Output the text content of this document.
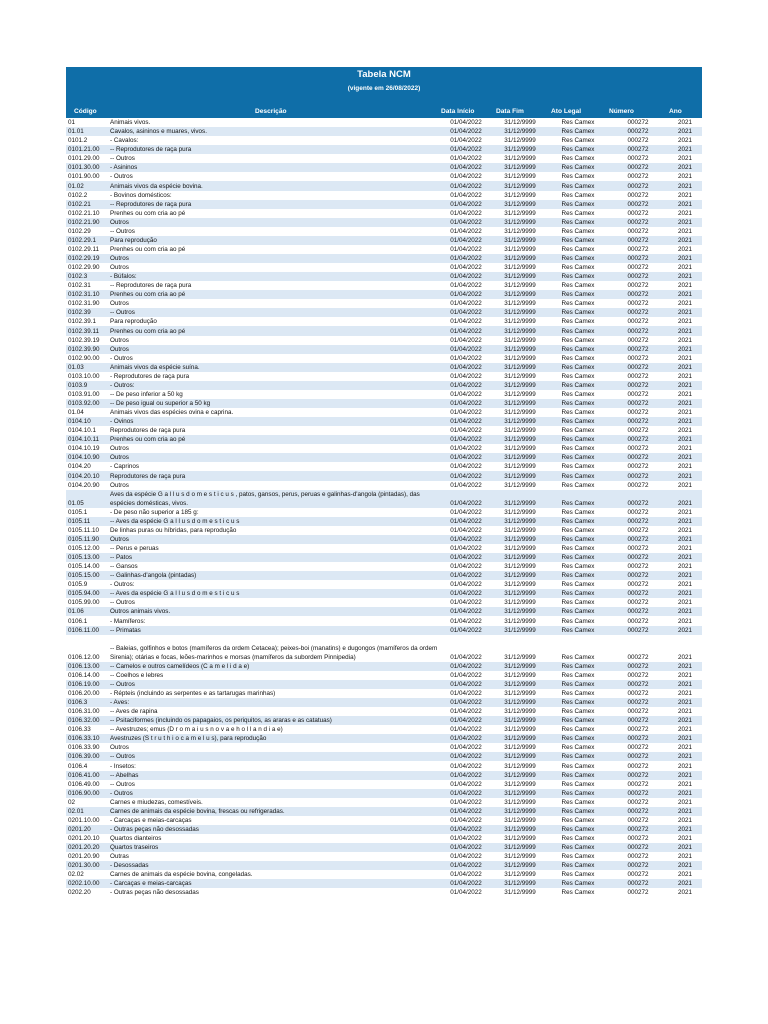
Tabela NCM
(vigente em 26/08/2022)
Código	Descrição	Data Início	Data Fim	Ato Legal	Número	Ano
01	Animais vivos.	01/04/2022	31/12/9999	Res Camex	000272	2021
01.01	Cavalos, asininos e muares, vivos.	01/04/2022	31/12/9999	Res Camex	000272	2021
0101.2	- Cavalos:	01/04/2022	31/12/9999	Res Camex	000272	2021
0101.21.00	-- Reprodutores de raça pura	01/04/2022	31/12/9999	Res Camex	000272	2021
0101.29.00	-- Outros	01/04/2022	31/12/9999	Res Camex	000272	2021
0101.30.00	- Asininos	01/04/2022	31/12/9999	Res Camex	000272	2021
0101.90.00	- Outros	01/04/2022	31/12/9999	Res Camex	000272	2021
01.02	Animais vivos da espécie bovina.	01/04/2022	31/12/9999	Res Camex	000272	2021
0102.2	- Bovinos domésticos:	01/04/2022	31/12/9999	Res Camex	000272	2021
0102.21	-- Reprodutores de raça pura	01/04/2022	31/12/9999	Res Camex	000272	2021
0102.21.10	Prenhes ou com cria ao pé	01/04/2022	31/12/9999	Res Camex	000272	2021
0102.21.90	Outros	01/04/2022	31/12/9999	Res Camex	000272	2021
0102.29	-- Outros	01/04/2022	31/12/9999	Res Camex	000272	2021
0102.29.1	Para reprodução	01/04/2022	31/12/9999	Res Camex	000272	2021
0102.29.11	Prenhes ou com cria ao pé	01/04/2022	31/12/9999	Res Camex	000272	2021
0102.29.19	Outros	01/04/2022	31/12/9999	Res Camex	000272	2021
0102.29.90	Outros	01/04/2022	31/12/9999	Res Camex	000272	2021
0102.3	- Búfalos:	01/04/2022	31/12/9999	Res Camex	000272	2021
0102.31	-- Reprodutores de raça pura	01/04/2022	31/12/9999	Res Camex	000272	2021
0102.31.10	Prenhes ou com cria ao pé	01/04/2022	31/12/9999	Res Camex	000272	2021
0102.31.90	Outros	01/04/2022	31/12/9999	Res Camex	000272	2021
0102.39	-- Outros	01/04/2022	31/12/9999	Res Camex	000272	2021
0102.39.1	Para reprodução	01/04/2022	31/12/9999	Res Camex	000272	2021
0102.39.11	Prenhes ou com cria ao pé	01/04/2022	31/12/9999	Res Camex	000272	2021
0102.39.19	Outros	01/04/2022	31/12/9999	Res Camex	000272	2021
0102.39.90	Outros	01/04/2022	31/12/9999	Res Camex	000272	2021
0102.90.00	- Outros	01/04/2022	31/12/9999	Res Camex	000272	2021
01.03	Animais vivos da espécie suína.	01/04/2022	31/12/9999	Res Camex	000272	2021
0103.10.00	- Reprodutores de raça pura	01/04/2022	31/12/9999	Res Camex	000272	2021
0103.9	- Outros:	01/04/2022	31/12/9999	Res Camex	000272	2021
0103.91.00	-- De peso inferior a 50 kg	01/04/2022	31/12/9999	Res Camex	000272	2021
0103.92.00	-- De peso igual ou superior a 50 kg	01/04/2022	31/12/9999	Res Camex	000272	2021
01.04	Animais vivos das espécies ovina e caprina.	01/04/2022	31/12/9999	Res Camex	000272	2021
0104.10	- Ovinos	01/04/2022	31/12/9999	Res Camex	000272	2021
0104.10.1	Reprodutores de raça pura	01/04/2022	31/12/9999	Res Camex	000272	2021
0104.10.11	Prenhes ou com cria ao pé	01/04/2022	31/12/9999	Res Camex	000272	2021
0104.10.19	Outros	01/04/2022	31/12/9999	Res Camex	000272	2021
0104.10.90	Outros	01/04/2022	31/12/9999	Res Camex	000272	2021
0104.20	- Caprinos	01/04/2022	31/12/9999	Res Camex	000272	2021
0104.20.10	Reprodutores de raça pura	01/04/2022	31/12/9999	Res Camex	000272	2021
0104.20.90	Outros	01/04/2022	31/12/9999	Res Camex	000272	2021
01.05	Aves da espécie G a l l u s d o m e s t i c u s , patos, gansos, perus, peruas e galinhas-d'angola (pintadas), das espécies domésticas, vivos.	01/04/2022	31/12/9999	Res Camex	000272	2021
0105.1	- De peso não superior a 185 g:	01/04/2022	31/12/9999	Res Camex	000272	2021
0105.11	-- Aves da espécie G a l l u s d o m e s t i c u s	01/04/2022	31/12/9999	Res Camex	000272	2021
0105.11.10	De linhas puras ou híbridas, para reprodução	01/04/2022	31/12/9999	Res Camex	000272	2021
0105.11.90	Outros	01/04/2022	31/12/9999	Res Camex	000272	2021
0105.12.00	-- Perus e peruas	01/04/2022	31/12/9999	Res Camex	000272	2021
0105.13.00	-- Patos	01/04/2022	31/12/9999	Res Camex	000272	2021
0105.14.00	-- Gansos	01/04/2022	31/12/9999	Res Camex	000272	2021
0105.15.00	-- Galinhas-d'angola (pintadas)	01/04/2022	31/12/9999	Res Camex	000272	2021
0105.9	- Outros:	01/04/2022	31/12/9999	Res Camex	000272	2021
0105.94.00	-- Aves da espécie G a l l u s d o m e s t i c u s	01/04/2022	31/12/9999	Res Camex	000272	2021
0105.99.00	-- Outros	01/04/2022	31/12/9999	Res Camex	000272	2021
01.06	Outros animais vivos.	01/04/2022	31/12/9999	Res Camex	000272	2021
0106.1	- Mamíferos:	01/04/2022	31/12/9999	Res Camex	000272	2021
0106.11.00	-- Primatas	01/04/2022	31/12/9999	Res Camex	000272	2021
0106.12.00	-- Baleias, golfinhos e botos (mamíferos da ordem Cetacea); peixes-boi (manatins) e dugongos (mamíferos da ordem Sirenia); otárias e focas, leões-marinhos e morsas (mamíferos da subordem Pinnipedia)	01/04/2022	31/12/9999	Res Camex	000272	2021
0106.13.00	-- Camelos e outros camelídeos (C a m e l i d a e)	01/04/2022	31/12/9999	Res Camex	000272	2021
0106.14.00	-- Coelhos e lebres	01/04/2022	31/12/9999	Res Camex	000272	2021
0106.19.00	-- Outros	01/04/2022	31/12/9999	Res Camex	000272	2021
0106.20.00	- Répteis (incluindo as serpentes e as tartarugas marinhas)	01/04/2022	31/12/9999	Res Camex	000272	2021
0106.3	- Aves:	01/04/2022	31/12/9999	Res Camex	000272	2021
0106.31.00	-- Aves de rapina	01/04/2022	31/12/9999	Res Camex	000272	2021
0106.32.00	-- Psitaciformes (incluindo os papagaios, os periquitos, as araras e as catatuas)	01/04/2022	31/12/9999	Res Camex	000272	2021
0106.33	-- Avestruzes; emus (D r o m a i u s n o v a e h o l l a n d i a e)	01/04/2022	31/12/9999	Res Camex	000272	2021
0106.33.10	Avestruzes (S t r u t h i o c a m e l u s), para reprodução	01/04/2022	31/12/9999	Res Camex	000272	2021
0106.33.90	Outros	01/04/2022	31/12/9999	Res Camex	000272	2021
0106.39.00	-- Outros	01/04/2022	31/12/9999	Res Camex	000272	2021
0106.4	- Insetos:	01/04/2022	31/12/9999	Res Camex	000272	2021
0106.41.00	-- Abelhas	01/04/2022	31/12/9999	Res Camex	000272	2021
0106.49.00	-- Outros	01/04/2022	31/12/9999	Res Camex	000272	2021
0106.90.00	- Outros	01/04/2022	31/12/9999	Res Camex	000272	2021
02	Carnes e miudezas, comestíveis.	01/04/2022	31/12/9999	Res Camex	000272	2021
02.01	Carnes de animais da espécie bovina, frescas ou refrigeradas.	01/04/2022	31/12/9999	Res Camex	000272	2021
0201.10.00	- Carcaças e meias-carcaças	01/04/2022	31/12/9999	Res Camex	000272	2021
0201.20	- Outras peças não desossadas	01/04/2022	31/12/9999	Res Camex	000272	2021
0201.20.10	Quartos dianteiros	01/04/2022	31/12/9999	Res Camex	000272	2021
0201.20.20	Quartos traseiros	01/04/2022	31/12/9999	Res Camex	000272	2021
0201.20.90	Outras	01/04/2022	31/12/9999	Res Camex	000272	2021
0201.30.00	- Desossadas	01/04/2022	31/12/9999	Res Camex	000272	2021
02.02	Carnes de animais da espécie bovina, congeladas.	01/04/2022	31/12/9999	Res Camex	000272	2021
0202.10.00	- Carcaças e meias-carcaças	01/04/2022	31/12/9999	Res Camex	000272	2021
0202.20	- Outras peças não desossadas	01/04/2022	31/12/9999	Res Camex	000272	2021
